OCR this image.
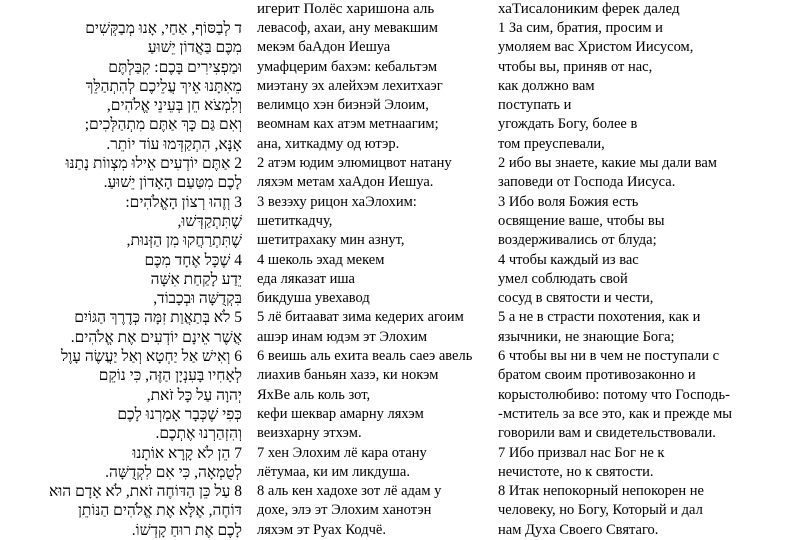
игерит Полёс харишона аль	хаТисалониким ферек далед
ד לְבַסּוֹף, אַחַי, אָנוּ מְבַקְּשִׁים
מִכֶּם בַּאֲדוֹן יֵשׁוּעַ
וּמַפְצִירִים בָּכֶם: קִבַּלְתֶּם
מֵאִתָּנוּ אֵיךְ עֲלֵיכֶם לְהִתְהַלֵּךְ
וְלִמְצֹא חֵן בְּעֵינֵי אֱלֹהִים,
וְאִם גַּם כָּךְ אַתֶּם מִתְהַלְּכִים;
אָנָּא, הִתְקַדְּמוּ עוֹד יוֹתֵר.
2 אַתֶּם יוֹדְעִים אֵילוּ מִצְווֹת נָתַנּוּ
לָכֶם מִטַּעַם הָאָדוֹן יֵשׁוּעַ.
3 וְזֶהוּ רְצוֹן הָאֱלֹהִים:
שֶׁתִּתְקַדְּשׁוּ,
שֶׁתִּתְרַחֲקוּ מִן הַזְּנוּת,
4 שֶׁכָּל אֶחָד מִכֶּם
יֵדַע לָקַחַת אִשָּׁה
בִּקְדֻשָּׁה וּבְכָבוֹד,
5 לֹא בְּתַאֲוַת זִמָּה כְּדֶרֶךְ הַגּוֹיִם
אֲשֶׁר אֵינָם יוֹדְעִים אֶת אֱלֹהִים.
6 וְאִישׁ אַל יַחְטָא וְאַל יַעֲשֶׂה עָוֶל
לְאָחִיו בָּעִנְיָן הַזֶּה, כִּי נוֹקֵם
יְהוָה עַל כָּל זֹאת,
כְּפִי שֶׁכְּבָר אָמַרְנוּ לָכֶם
וְהִזְהַרְנוּ אֶתְכֶם.
7 הֵן לֹא קָרָא אוֹתָנוּ
לְטֻמְאָה, כִּי אִם לִקְדֻשָּׁה.
8 עַל כֵּן הַדּוֹחֶה זֹאת, לֹא אָדָם הוּא
דּוֹחֶה, אֶלָּא אֶת אֱלֹהִים הַנּוֹתֵן
לָכֶם אֶת רוּחַ קָדְשׁוֹ.
левасоф, ахаи, ану мевакшим
мекэм баАдон Иешуа
умафцерим бахэм: кебальтэм
миэтану эх алейхэм лехитхаэг
велимцо хэн биэнэй Элоим,
веомнам ках атэм метнаагим;
ана, хиткадму од ютэр.
2 атэм юдим элюмицвот натану
ляхэм метам хаАдон Иешуа.
3 везэху рицон хаЭлохим:
шетиткадчу,
шетитрахаку мин азнут,
4 шеколь эхад мекем
еда ляказат иша
бикдуша увехавод
5 лё битаават зима кедерих агоим
ашэр инам юдэм эт Элохим
6 веишь аль ехита веаль саеэ авель
лиахив баньян хазэ, ки нокэм
ЯхВе аль коль зот,
кефи шеквар амарну ляхэм
веизхарну этхэм.
7 хен Элохим лё кара отану
лётумаа, ки им ликдуша.
8 аль кен хадохе зот лё адам у
дохе, элэ эт Элохим ханотэн
ляхэм эт Руах Кодчё.
1 За сим, братия, просим и
умоляем вас Христом Иисусом,
чтобы вы, приняв от нас,
как должно вам
поступать и
угождать Богу, более в
том преуспевали,
2 ибо вы знаете, какие мы дали вам
заповеди от Господа Иисуса.
3 Ибо воля Божия есть
освящение ваше, чтобы вы
воздерживались от блуда;
4 чтобы каждый из вас
умел соблюдать свой
сосуд в святости и чести,
5 а не в страсти похотения, как и
язычники, не знающие Бога;
6 чтобы вы ни в чем не поступали с
братом своим противозаконно и
корыстолюбиво: потому что Господь-
-мститель за все это, как и прежде мы
говорили вам и свидетельствовали.
7 Ибо призвал нас Бог не к
нечистоте, но к святости.
8 Итак непокорный непокорен не
человеку, но Богу, Который и дал
нам Духа Своего Святаго.
